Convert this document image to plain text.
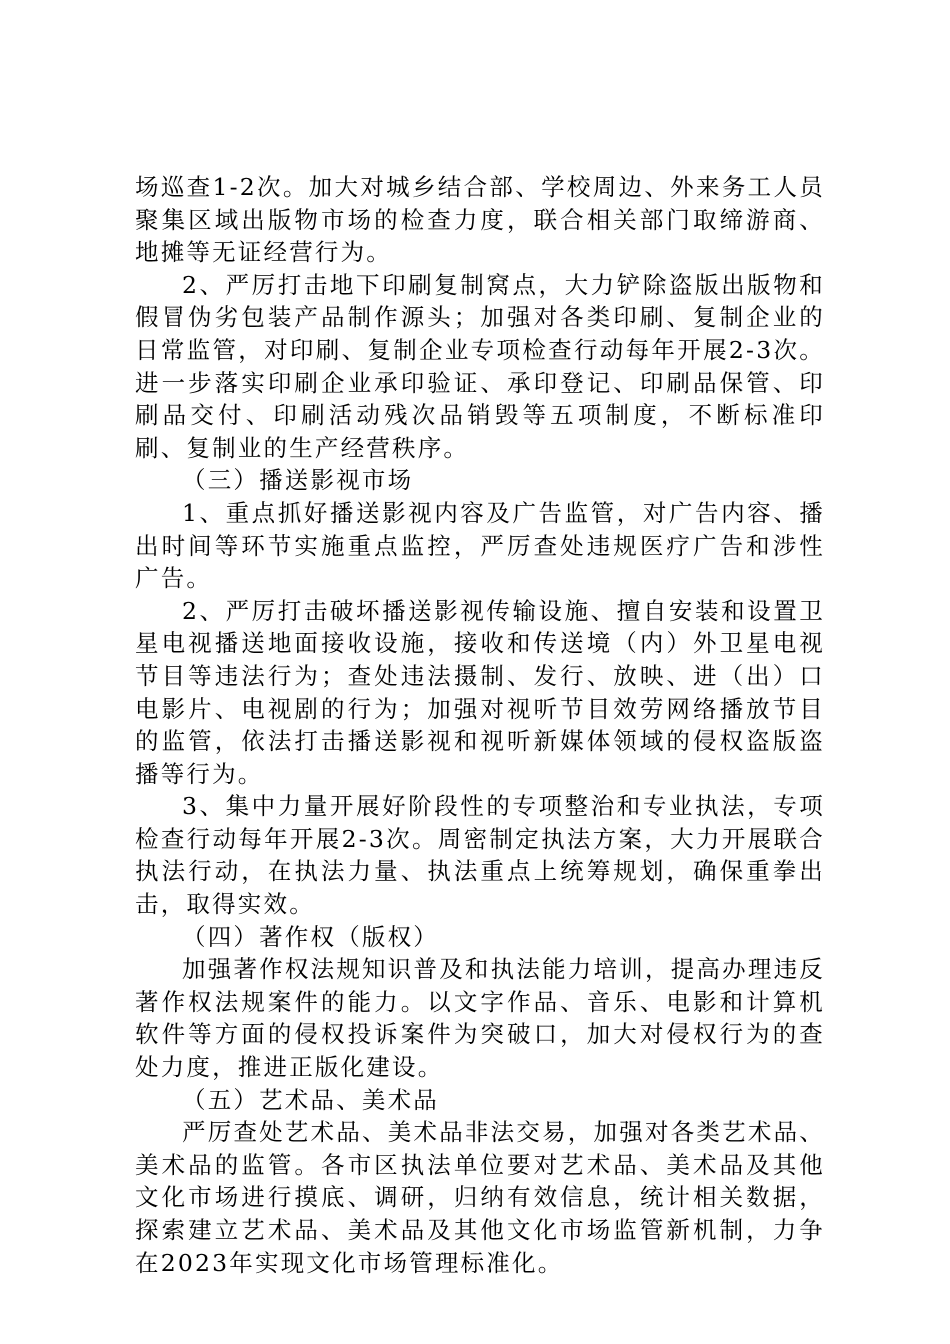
场巡查1-2次。加大对城乡结合部、学校周边、外来务工人员聚集区域出版物市场的检查力度，联合相关部门取缔游商、地摊等无证经营行为。

2、严厉打击地下印刷复制窝点，大力铲除盗版出版物和假冒伪劣包装产品制作源头；加强对各类印刷、复制企业的日常监管，对印刷、复制企业专项检查行动每年开展2-3次。进一步落实印刷企业承印验证、承印登记、印刷品保管、印刷品交付、印刷活动残次品销毁等五项制度，不断标准印刷、复制业的生产经营秩序。

（三）播送影视市场

1、重点抓好播送影视内容及广告监管，对广告内容、播出时间等环节实施重点监控，严厉查处违规医疗广告和涉性广告。

2、严厉打击破坏播送影视传输设施、擅自安装和设置卫星电视播送地面接收设施，接收和传送境（内）外卫星电视节目等违法行为；查处违法摄制、发行、放映、进（出）口电影片、电视剧的行为；加强对视听节目效劳网络播放节目的监管，依法打击播送影视和视听新媒体领域的侵权盗版盗播等行为。

3、集中力量开展好阶段性的专项整治和专业执法，专项检查行动每年开展2-3次。周密制定执法方案，大力开展联合执法行动，在执法力量、执法重点上统筹规划，确保重拳出击，取得实效。

（四）著作权（版权）

加强著作权法规知识普及和执法能力培训，提高办理违反著作权法规案件的能力。以文字作品、音乐、电影和计算机软件等方面的侵权投诉案件为突破口，加大对侵权行为的查处力度，推进正版化建设。

（五）艺术品、美术品

严厉查处艺术品、美术品非法交易，加强对各类艺术品、美术品的监管。各市区执法单位要对艺术品、美术品及其他文化市场进行摸底、调研，归纳有效信息，统计相关数据，探索建立艺术品、美术品及其他文化市场监管新机制，力争在2023年实现文化市场管理标准化。
